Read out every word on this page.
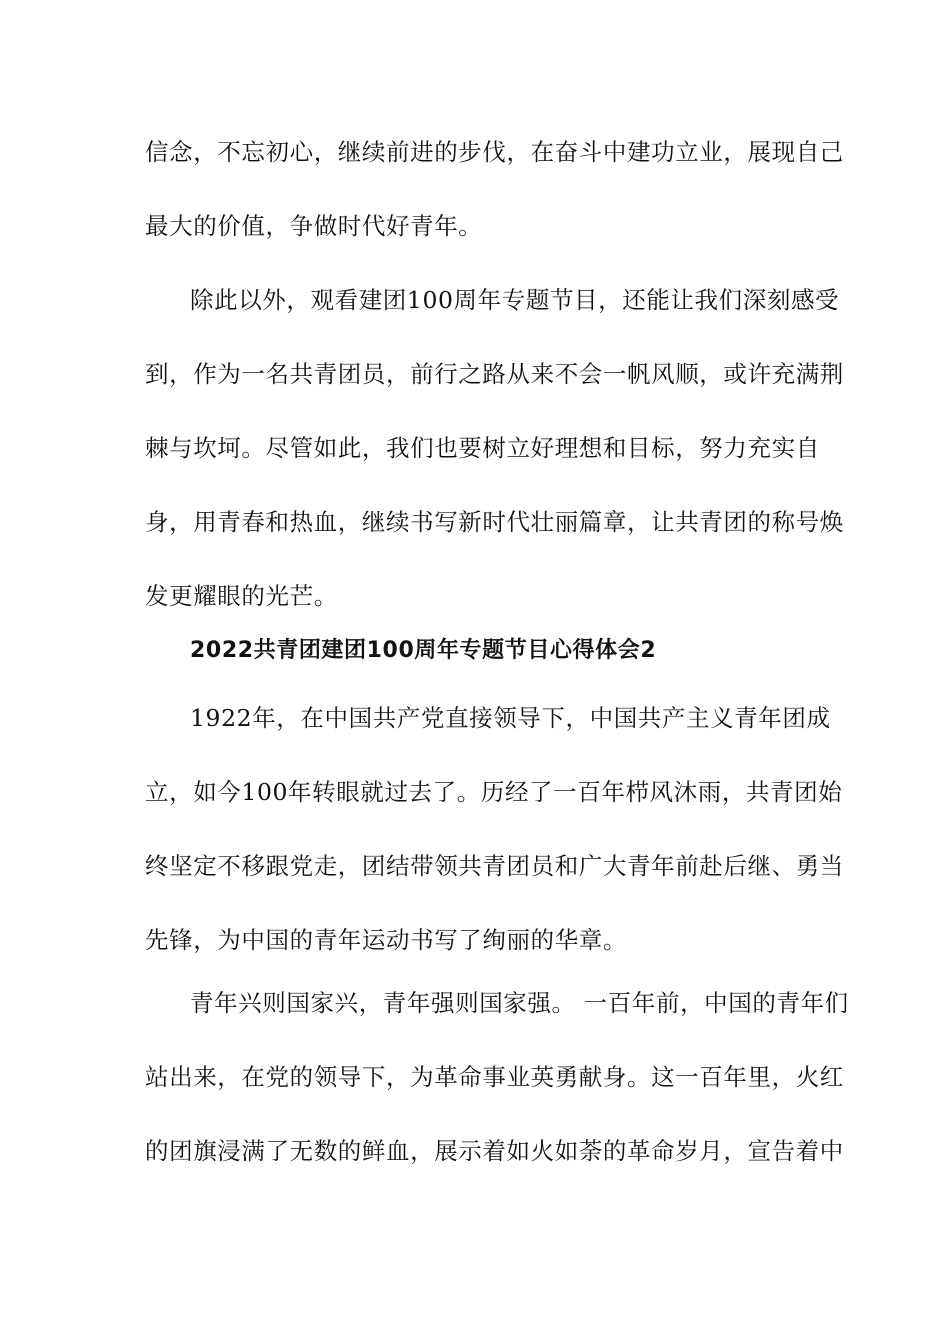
信念，不忘初心，继续前进的步伐，在奋斗中建功立业，展现自己
最大的价值，争做时代好青年。
除此以外，观看建团100周年专题节目，还能让我们深刻感受
到，作为一名共青团员，前行之路从来不会一帆风顺，或许充满荆
棘与坎坷。尽管如此，我们也要树立好理想和目标，努力充实自
身，用青春和热血，继续书写新时代壮丽篇章，让共青团的称号焕
发更耀眼的光芒。
2022共青团建团100周年专题节目心得体会2
1922年，在中国共产党直接领导下，中国共产主义青年团成
立，如今100年转眼就过去了。历经了一百年栉风沐雨，共青团始
终坚定不移跟党走，团结带领共青团员和广大青年前赴后继、勇当
先锋，为中国的青年运动书写了绚丽的华章。
青年兴则国家兴，青年强则国家强。 一百年前，中国的青年们
站出来，在党的领导下，为革命事业英勇献身。这一百年里，火红
的团旗浸满了无数的鲜血，展示着如火如荼的革命岁月，宣告着中
